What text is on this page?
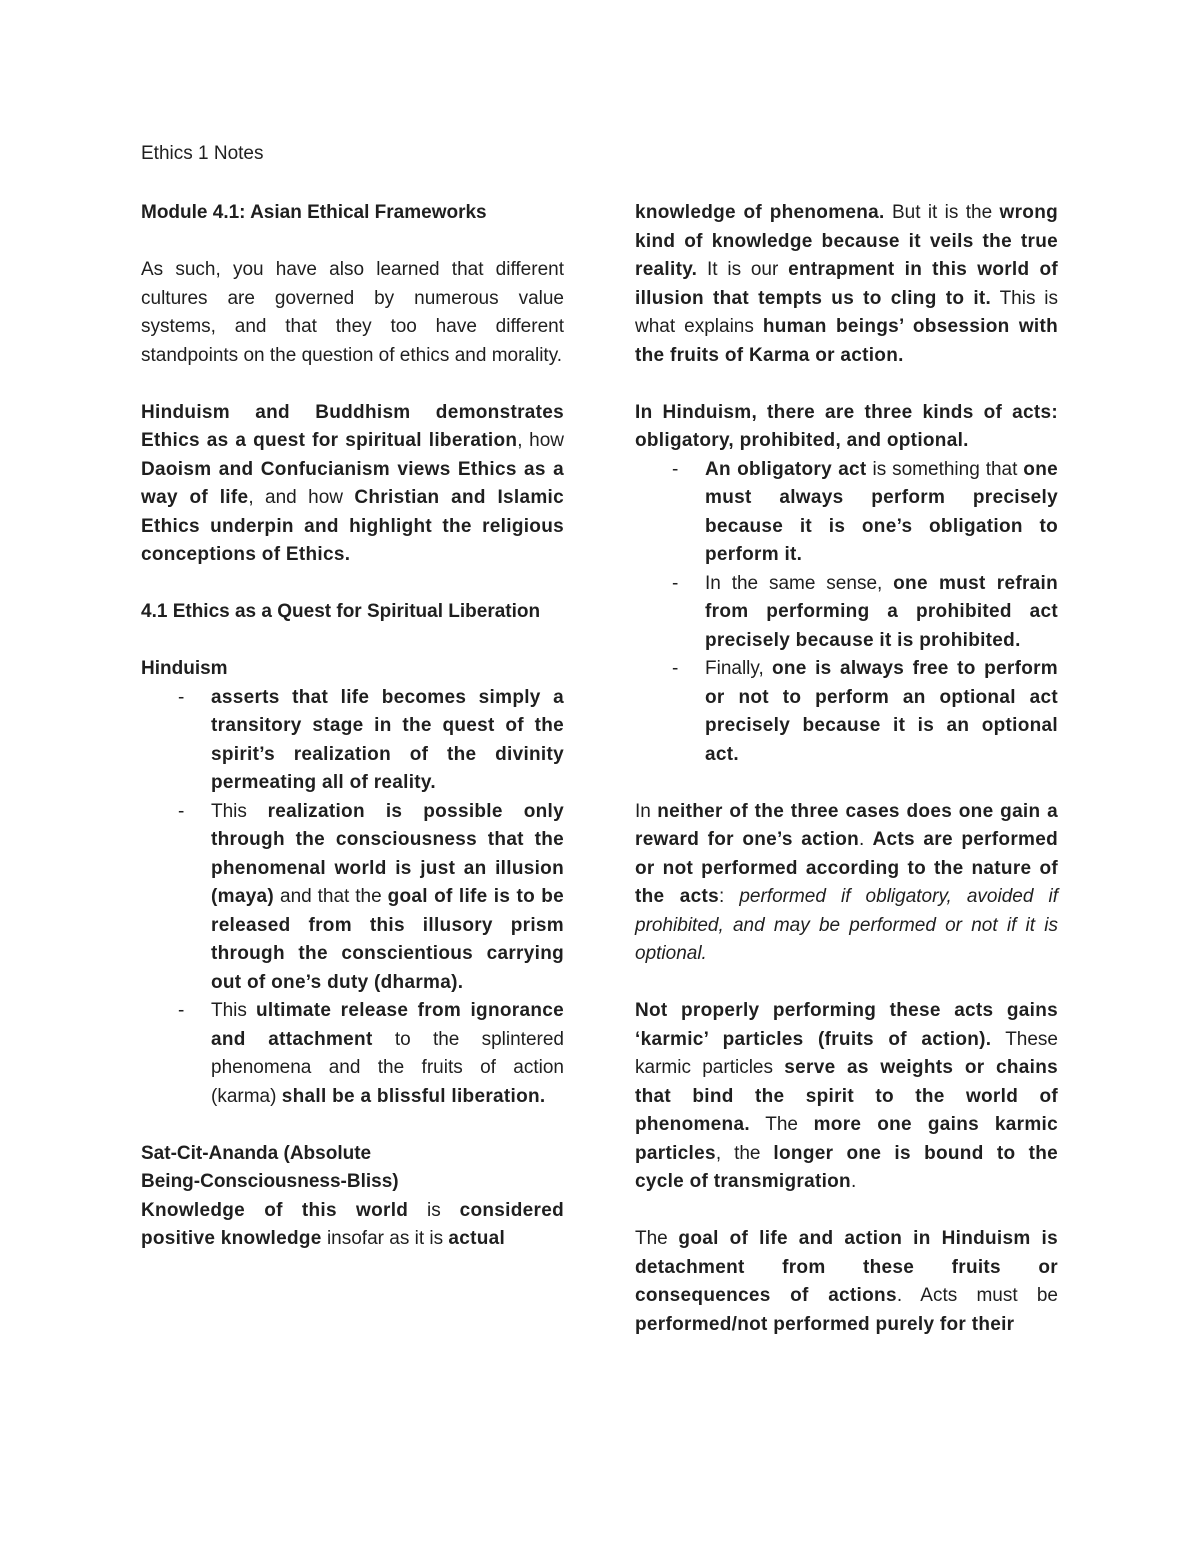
Ethics 1 Notes
Module 4.1: Asian Ethical Frameworks

As such, you have also learned that different cultures are governed by numerous value systems, and that they too have different standpoints on the question of ethics and morality.

Hinduism and Buddhism demonstrates Ethics as a quest for spiritual liberation, how Daoism and Confucianism views Ethics as a way of life, and how Christian and Islamic Ethics underpin and highlight the religious conceptions of Ethics.

4.1 Ethics as a Quest for Spiritual Liberation
Hinduism
- asserts that life becomes simply a transitory stage in the quest of the spirit’s realization of the divinity permeating all of reality.
- This realization is possible only through the consciousness that the phenomenal world is just an illusion (maya) and that the goal of life is to be released from this illusory prism through the conscientious carrying out of one’s duty (dharma).
- This ultimate release from ignorance and attachment to the splintered phenomena and the fruits of action (karma) shall be a blissful liberation.
Sat-Cit-Ananda (Absolute
Being-Consciousness-Bliss)

Knowledge of this world is considered positive knowledge insofar as it is actual

knowledge of phenomena. But it is the wrong kind of knowledge because it veils the true reality. It is our entrapment in this world of illusion that tempts us to cling to it. This is what explains human beings’ obsession with the fruits of Karma or action.

In Hinduism, there are three kinds of acts: obligatory, prohibited, and optional.

- An obligatory act is something that one must always perform precisely because it is one’s obligation to perform it.
- In the same sense, one must refrain from performing a prohibited act precisely because it is prohibited.
- Finally, one is always free to perform or not to perform an optional act precisely because it is an optional act.

In neither of the three cases does one gain a reward for one’s action. Acts are performed or not performed according to the nature of the acts: performed if obligatory, avoided if prohibited, and may be performed or not if it is optional.

Not properly performing these acts gains ‘karmic’ particles (fruits of action). These karmic particles serve as weights or chains that bind the spirit to the world of phenomena. The more one gains karmic particles, the longer one is bound to the cycle of transmigration.

The goal of life and action in Hinduism is detachment from these fruits or consequences of actions. Acts must be performed/not performed purely for their
